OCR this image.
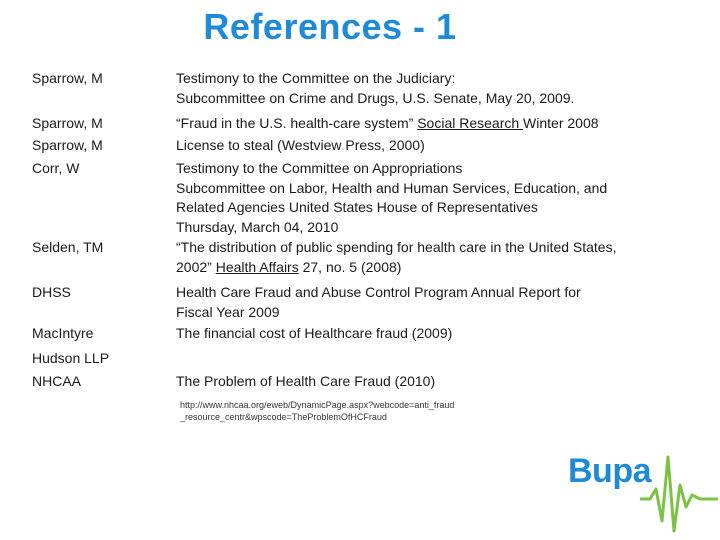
References - 1
Sparrow, M
Sparrow, M
Sparrow, M
Corr, W
Selden, TM
DHSS
MacIntyre
Hudson LLP
NHCAA

Testimony to the Committee on the Judiciary:

Subcommittee on Crime and Drugs, U.S. Senate, May 20, 2009.

“Fraud in the U.S. health-care system” Social Research Winter 2008

License to steal (Westview Press, 2000)

Testimony to the Committee on Appropriations

Subcommittee on Labor, Health and Human Services, Education, and

Related Agencies United States House of Representatives

Thursday, March 04, 2010

“The distribution of public spending for health care in the United States,

2002” Health Affairs 27, no. 5 (2008)

Health Care Fraud and Abuse Control Program Annual Report for

Fiscal Year 2009

The financial cost of Healthcare fraud (2009)

The Problem of Health Care Fraud (2010)

http://www.nhcaa.org/eweb/DynamicPage.aspx?webcode=anti_fraud
_resource_centr&wpscode=TheProblemOfHCFraud
Bupa
